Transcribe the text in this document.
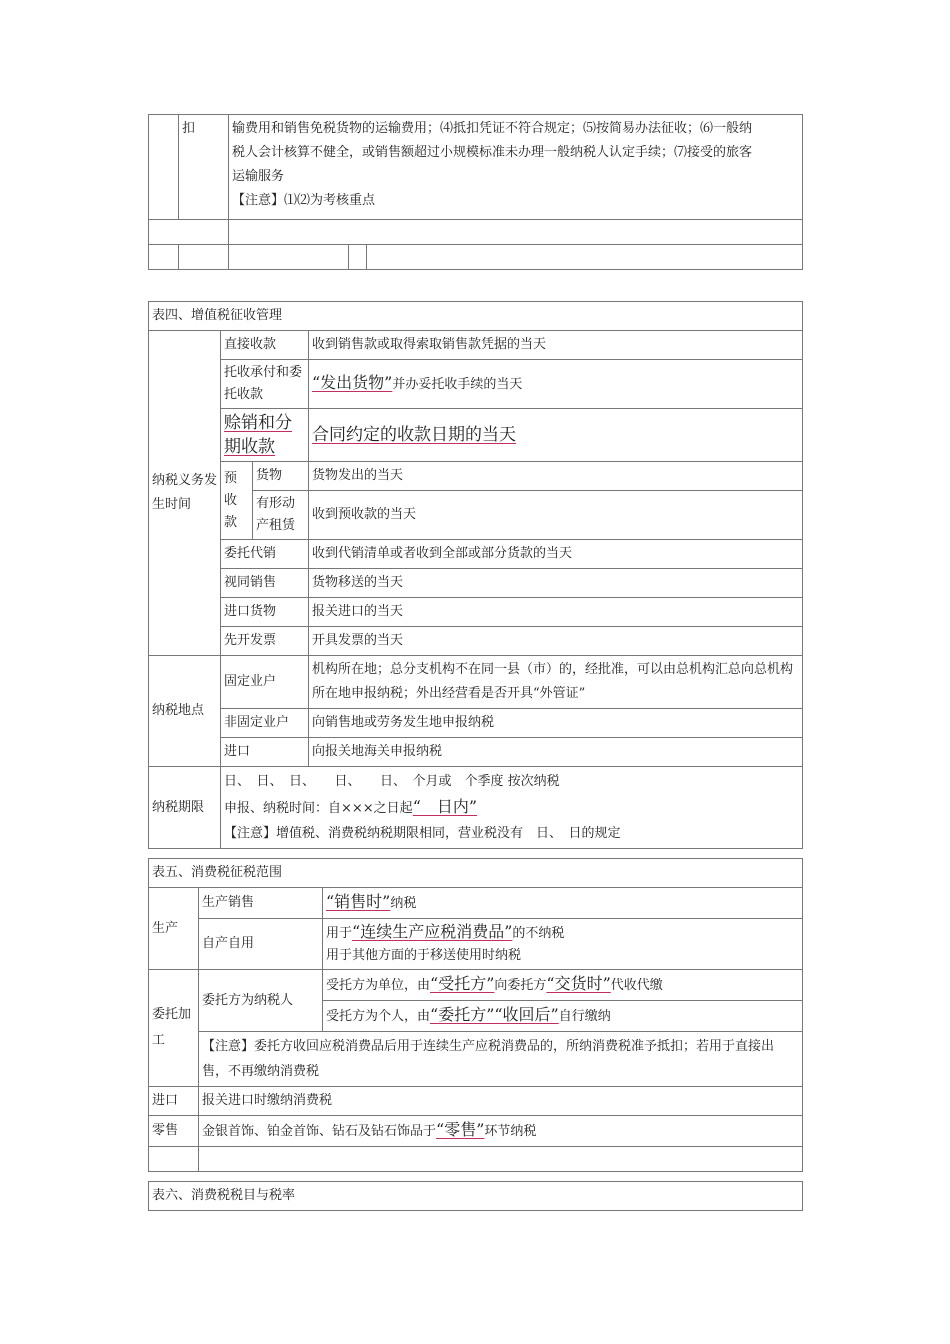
	扣	输费用和销售免税货物的运输费用；⑷抵扣凭证不符合规定；⑸按简易办法征收；⑹一般纳
税人会计核算不健全，或销售额超过小规模标准未办理一般纳税人认定手续；⑺接受的旅客
运输服务
【注意】⑴⑵为考核重点		

表四、增值税征收管理			
纳税义务发生时间	直接收款		收到销售款或取得索取销售款凭据的当天
	托收承付和委托收款		“发出货物”并办妥托收手续的当天
	赊销和分期收款		合同约定的收款日期的当天
	预收款	货物	货物发出的当天
		有形动产租赁	收到预收款的当天
	委托代销		收到代销清单或者收到全部或部分货款的当天
	视同销售		货物移送的当天
	进口货物		报关进口的当天
	先开发票		开具发票的当天
纳税地点	固定业户		机构所在地；总分支机构不在同一县（市）的，经批准，可以由总机构汇总向总机构所在地申报纳税；外出经营看是否开具“外管证”
	非固定业户		向销售地或劳务发生地申报纳税
	进口		向报关地海关申报纳税
纳税期限	日、　日、　日、　　日、　　日、　个月或　个季度 按次纳税
申报、纳税时间：自×××之日起“　日内”
【注意】增值税、消费税纳税期限相同，营业税没有　日、　日的规定		
表五、消费税征税范围		
生产	生产销售	“销售时”纳税
	自产自用	用于“连续生产应税消费品”的不纳税
用于其他方面的于移送使用时纳税

委托加工	委托方为纳税人	受托方为单位，由“受托方”向委托方“交货时”代收代缴
		受托方为个人，由“委托方”“收回后”自行缴纳
	【注意】委托方收回应税消费品后用于连续生产应税消费品的，所纳消费税准予抵扣；若用于直接出售，不再缴纳消费税	
进口	报关进口时缴纳消费税	
零售	金银首饰、铂金首饰、钻石及钻石饰品于“零售”环节纳税	

表六、消费税税目与税率
